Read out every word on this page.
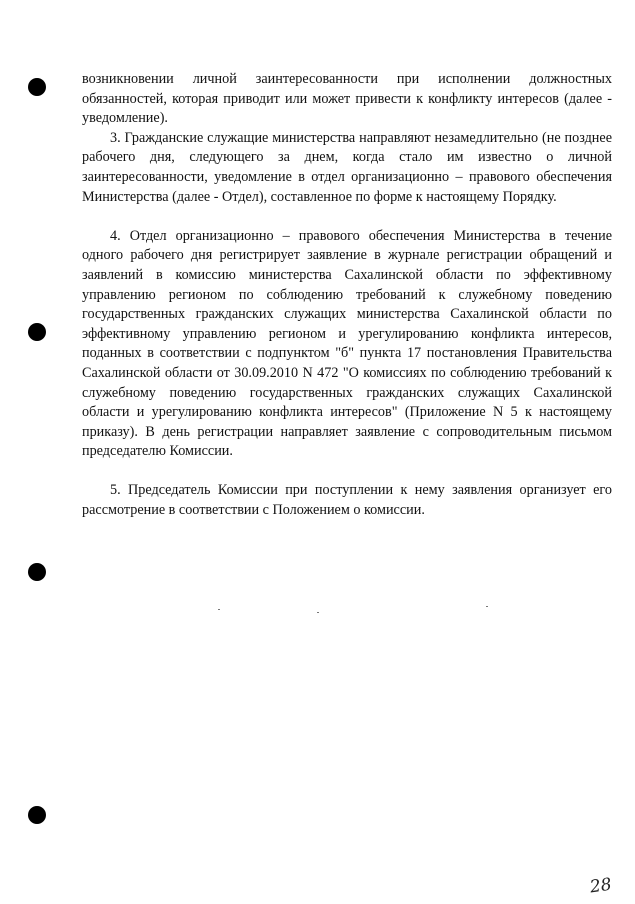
возникновении личной заинтересованности при исполнении должностных обязанностей, которая приводит или может привести к конфликту интересов (далее - уведомление).

3. Гражданские служащие министерства направляют незамедлительно (не позднее рабочего дня, следующего за днем, когда стало им известно о личной заинтересованности, уведомление в отдел организационно – правового обеспечения Министерства (далее - Отдел), составленное по форме к настоящему Порядку.

4. Отдел организационно – правового обеспечения Министерства в течение одного рабочего дня регистрирует заявление в журнале регистрации обращений и заявлений в комиссию министерства Сахалинской области по эффективному управлению регионом по соблюдению требований к служебному поведению государственных гражданских служащих министерства Сахалинской области по эффективному управлению регионом и урегулированию конфликта интересов, поданных в соответствии с подпунктом "б" пункта 17 постановления Правительства Сахалинской области от 30.09.2010 N 472 "О комиссиях по соблюдению требований к служебному поведению государственных гражданских служащих Сахалинской области и урегулированию конфликта интересов" (Приложение N 5 к настоящему приказу). В день регистрации направляет заявление с сопроводительным письмом председателю Комиссии.

5. Председатель Комиссии при поступлении к нему заявления организует его рассмотрение в соответствии с Положением о комиссии.

28
